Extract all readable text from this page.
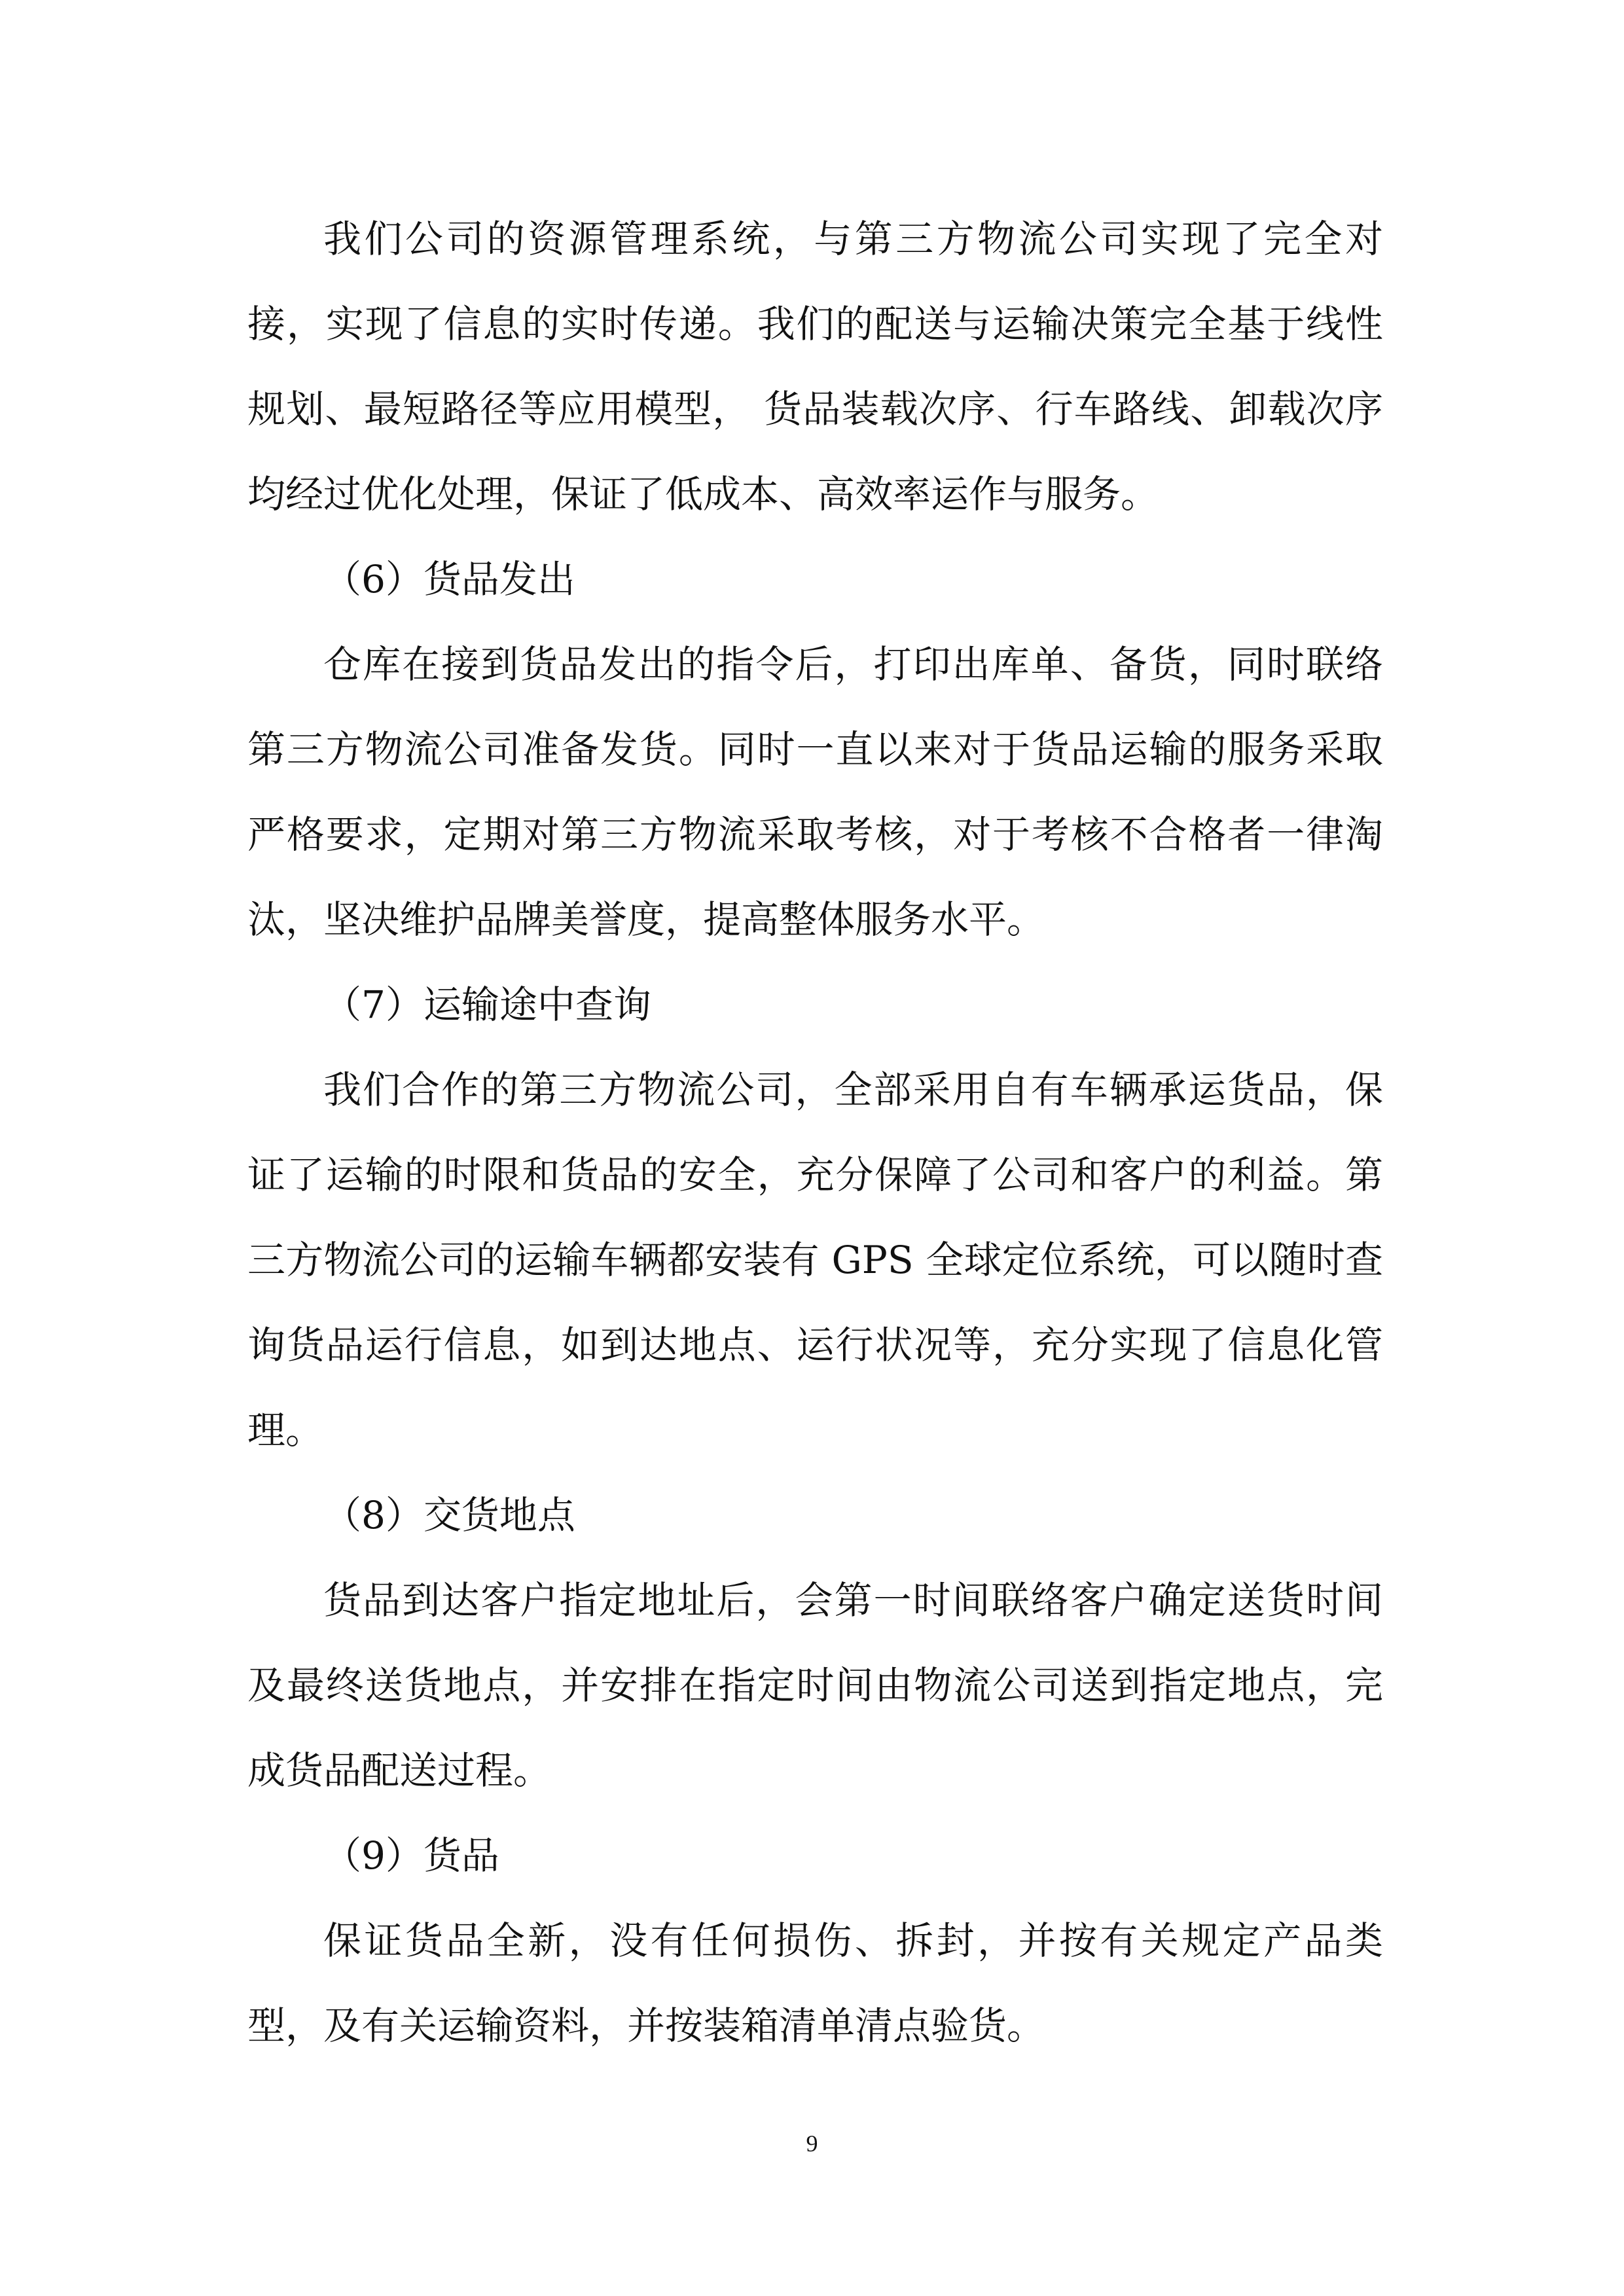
我们公司的资源管理系统，与第三方物流公司实现了完全对接，实现了信息的实时传递。我们的配送与运输决策完全基于线性规划、最短路径等应用模型， 货品装载次序、行车路线、卸载次序均经过优化处理，保证了低成本、高效率运作与服务。

（6）货品发出

仓库在接到货品发出的指令后，打印出库单、备货，同时联络第三方物流公司准备发货。同时一直以来对于货品运输的服务采取严格要求，定期对第三方物流采取考核，对于考核不合格者一律淘汰，坚决维护品牌美誉度，提高整体服务水平。

（7）运输途中查询

我们合作的第三方物流公司，全部采用自有车辆承运货品，保证了运输的时限和货品的安全，充分保障了公司和客户的利益。第三方物流公司的运输车辆都安装有 GPS 全球定位系统，可以随时查询货品运行信息，如到达地点、运行状况等，充分实现了信息化管理。

（8）交货地点

货品到达客户指定地址后，会第一时间联络客户确定送货时间及最终送货地点，并安排在指定时间由物流公司送到指定地点，完成货品配送过程。

（9）货品

保证货品全新，没有任何损伤、拆封，并按有关规定产品类型，及有关运输资料，并按装箱清单清点验货。

9
